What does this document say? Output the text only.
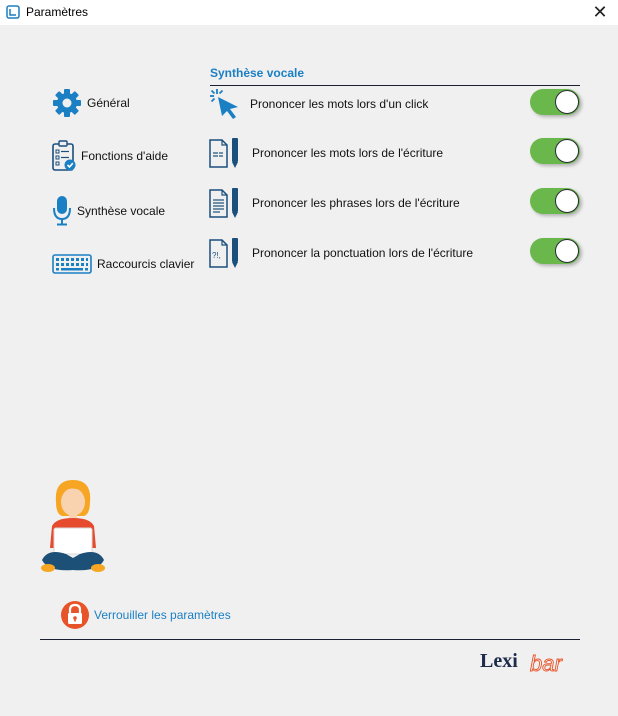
Paramètres	✕
Général
Fonctions d'aide
Synthèse vocale
Raccourcis clavier
Synthèse vocale
Prononcer les mots lors d'un click
Prononcer les mots lors de l'écriture
Prononcer les phrases lors de l'écriture
?!,	Prononcer la ponctuation lors de l'écriture
Verrouiller les paramètres
Lexi bar
